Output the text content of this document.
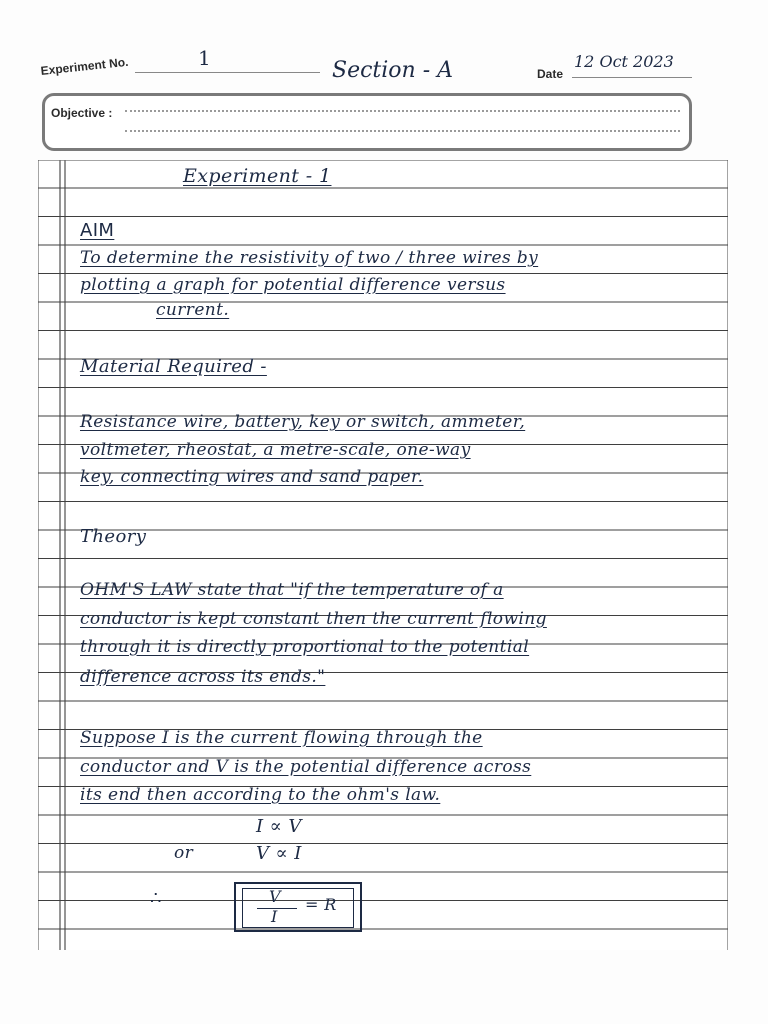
Experiment No.	1	Section - A	Date
12 Oct 2023
Objective :
Experiment - 1
AIM
To determine the resistivity of two / three wires by
plotting a graph for potential difference versus
current.
Material Required -
Resistance wire, battery, key or switch, ammeter,
voltmeter, rheostat, a metre-scale, one-way
key, connecting wires and sand paper.
Theory
OHM'S LAW state that "if the temperature of a
conductor is kept constant then the current flowing
through it is directly proportional to the potential
difference across its ends."
Suppose I is the current flowing through the
conductor and V is the potential difference across
its end then according to the ohm's law.
I ∝ V
or	V ∝ I
∴	V
I
= R
